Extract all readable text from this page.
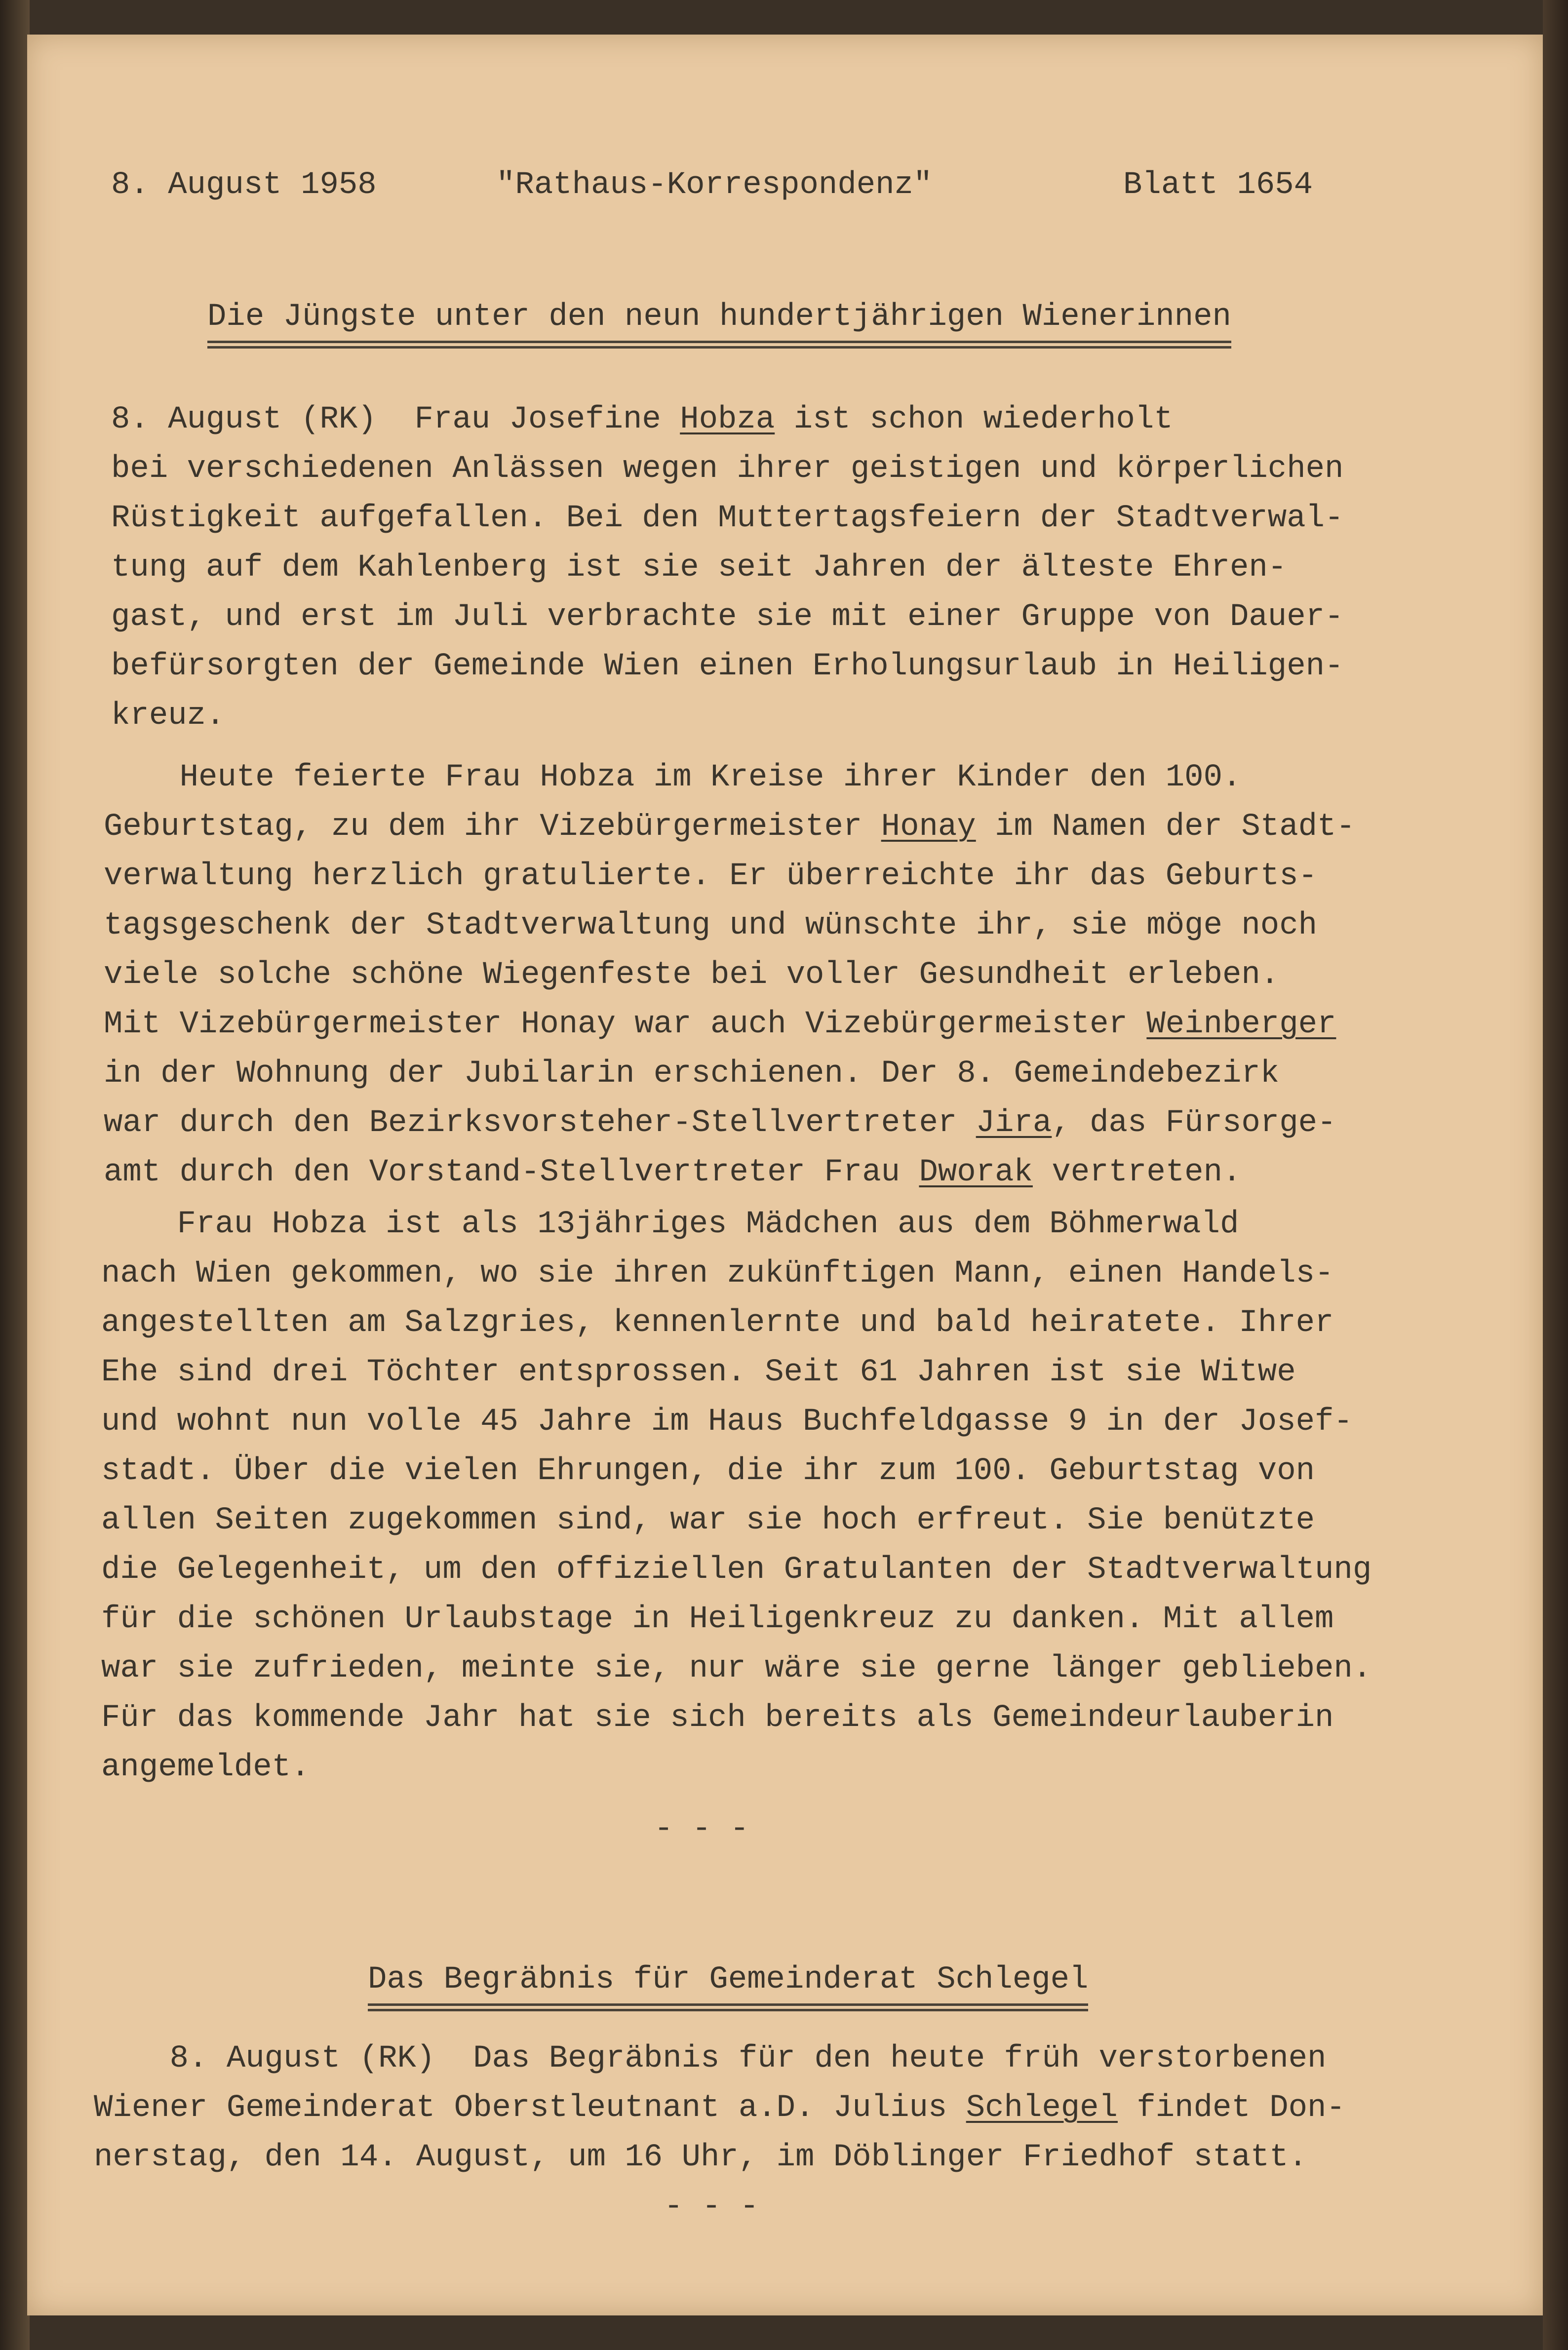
8. August 1958	"Rathaus-Korrespondenz"	Blatt 1654
Die Jüngste unter den neun hundertjährigen Wienerinnen
8. August (RK)  Frau Josefine Hobza ist schon wiederholt
bei verschiedenen Anlässen wegen ihrer geistigen und körperlichen
Rüstigkeit aufgefallen. Bei den Muttertagsfeiern der Stadtverwal-
tung auf dem Kahlenberg ist sie seit Jahren der älteste Ehren-
gast, und erst im Juli verbrachte sie mit einer Gruppe von Dauer-
befürsorgten der Gemeinde Wien einen Erholungsurlaub in Heiligen-
kreuz.
Heute feierte Frau Hobza im Kreise ihrer Kinder den 100.
Geburtstag, zu dem ihr Vizebürgermeister Honay im Namen der Stadt-
verwaltung herzlich gratulierte. Er überreichte ihr das Geburts-
tagsgeschenk der Stadtverwaltung und wünschte ihr, sie möge noch
viele solche schöne Wiegenfeste bei voller Gesundheit erleben.
Mit Vizebürgermeister Honay war auch Vizebürgermeister Weinberger
in der Wohnung der Jubilarin erschienen. Der 8. Gemeindebezirk
war durch den Bezirksvorsteher-Stellvertreter Jira, das Fürsorge-
amt durch den Vorstand-Stellvertreter Frau Dworak vertreten.
Frau Hobza ist als 13jähriges Mädchen aus dem Böhmerwald
nach Wien gekommen, wo sie ihren zukünftigen Mann, einen Handels-
angestellten am Salzgries, kennenlernte und bald heiratete. Ihrer
Ehe sind drei Töchter entsprossen. Seit 61 Jahren ist sie Witwe
und wohnt nun volle 45 Jahre im Haus Buchfeldgasse 9 in der Josef-
stadt. Über die vielen Ehrungen, die ihr zum 100. Geburtstag von
allen Seiten zugekommen sind, war sie hoch erfreut. Sie benützte
die Gelegenheit, um den offiziellen Gratulanten der Stadtverwaltung
für die schönen Urlaubstage in Heiligenkreuz zu danken. Mit allem
war sie zufrieden, meinte sie, nur wäre sie gerne länger geblieben.
Für das kommende Jahr hat sie sich bereits als Gemeindeurlauberin
angemeldet.
- - -
Das Begräbnis für Gemeinderat Schlegel
8. August (RK)  Das Begräbnis für den heute früh verstorbenen
Wiener Gemeinderat Oberstleutnant a.D. Julius Schlegel findet Don-
nerstag, den 14. August, um 16 Uhr, im Döblinger Friedhof statt.
- - -
